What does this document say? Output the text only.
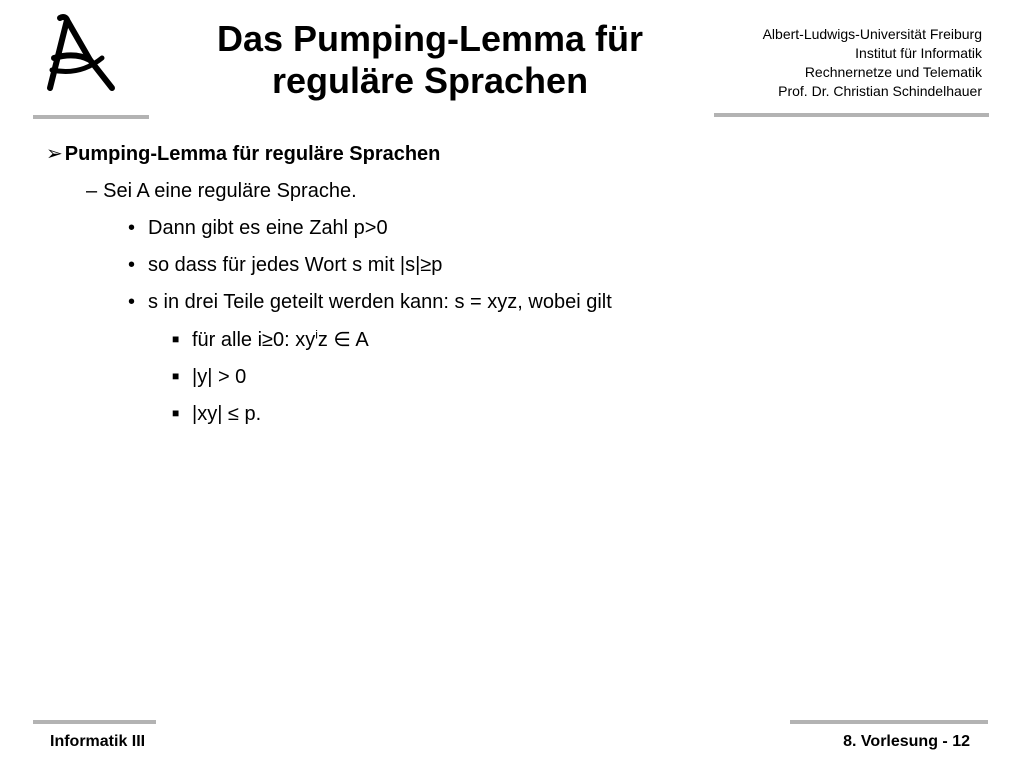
Das Pumping-Lemma für
reguläre Sprachen
Albert-Ludwigs-Universität Freiburg
Institut für Informatik
Rechnernetze und Telematik
Prof. Dr. Christian Schindelhauer
➢ Pumping-Lemma für reguläre Sprachen
– Sei A eine reguläre Sprache.
• Dann gibt es eine Zahl p>0
• so dass für jedes Wort s mit |s|≥p
• s in drei Teile geteilt werden kann: s = xyz, wobei gilt
■ für alle i≥0: $xy^iz$ ∈ A
■ |y| > 0
■ |xy| ≤ p.
Informatik III	8. Vorlesung - 12
